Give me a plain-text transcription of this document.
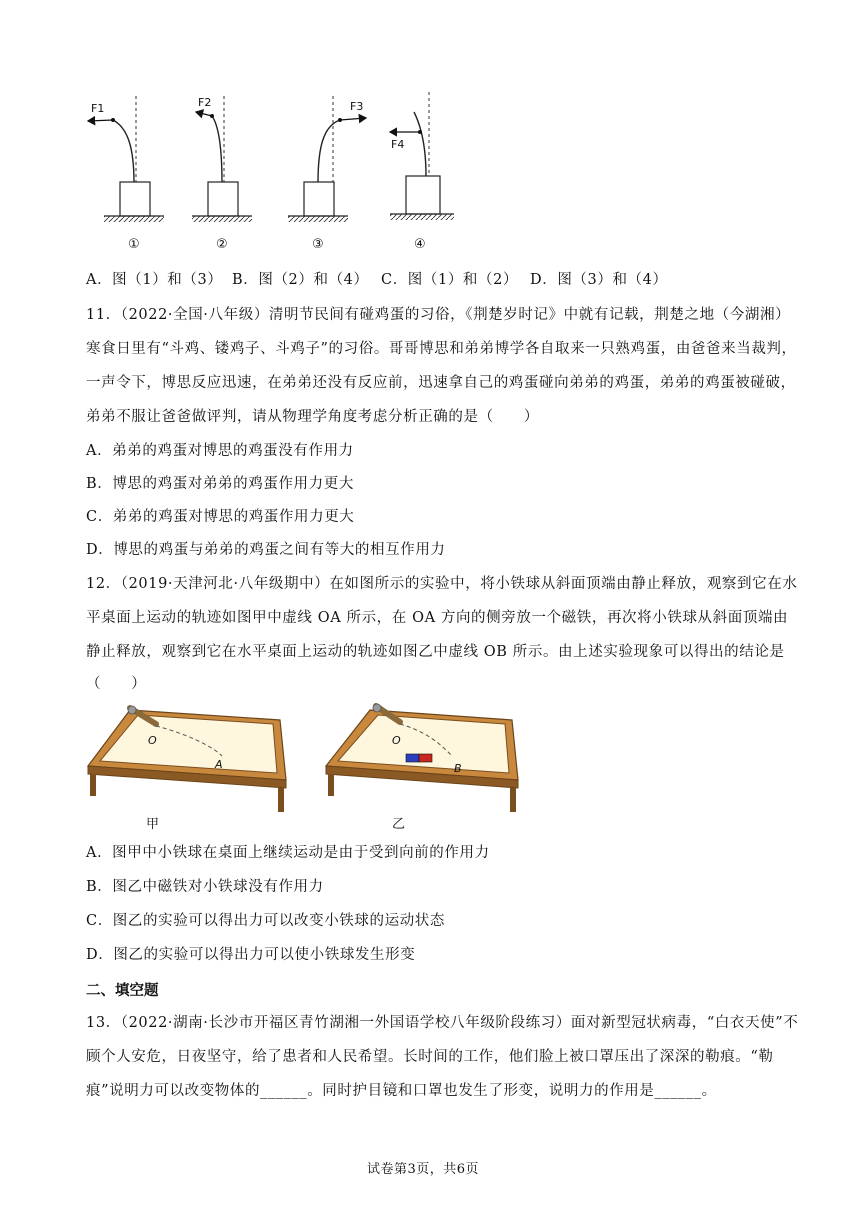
F1
①
F2
②
F3
③
F4
④
A．图（1）和（3） B．图（2）和（4） C．图（1）和（2） D．图（3）和（4）
11．（2022·全国·八年级）清明节民间有碰鸡蛋的习俗，《荆楚岁时记》中就有记载，荆楚之地（今湖湘）
寒食日里有“斗鸡、镂鸡子、斗鸡子”的习俗。哥哥博思和弟弟博学各自取来一只熟鸡蛋，由爸爸来当裁判，
一声令下，博思反应迅速，在弟弟还没有反应前，迅速拿自己的鸡蛋碰向弟弟的鸡蛋，弟弟的鸡蛋被碰破，
弟弟不服让爸爸做评判，请从物理学角度考虑分析正确的是（　　）
A．弟弟的鸡蛋对博思的鸡蛋没有作用力
B．博思的鸡蛋对弟弟的鸡蛋作用力更大
C．弟弟的鸡蛋对博思的鸡蛋作用力更大
D．博思的鸡蛋与弟弟的鸡蛋之间有等大的相互作用力
12．（2019·天津河北·八年级期中）在如图所示的实验中，将小铁球从斜面顶端由静止释放，观察到它在水
平桌面上运动的轨迹如图甲中虚线 OA 所示，在 OA 方向的侧旁放一个磁铁，再次将小铁球从斜面顶端由
静止释放，观察到它在水平桌面上运动的轨迹如图乙中虚线 OB 所示。由上述实验现象可以得出的结论是
（　　）
O
A
O
B
甲	乙
A．图甲中小铁球在桌面上继续运动是由于受到向前的作用力
B．图乙中磁铁对小铁球没有作用力
C．图乙的实验可以得出力可以改变小铁球的运动状态
D．图乙的实验可以得出力可以使小铁球发生形变
二、填空题
13．（2022·湖南·长沙市开福区青竹湖湘一外国语学校八年级阶段练习）面对新型冠状病毒，“白衣天使”不
顾个人安危，日夜坚守，给了患者和人民希望。长时间的工作，他们脸上被口罩压出了深深的勒痕。“勒
痕”说明力可以改变物体的______。同时护目镜和口罩也发生了形变，说明力的作用是______。
试卷第3页，共6页
